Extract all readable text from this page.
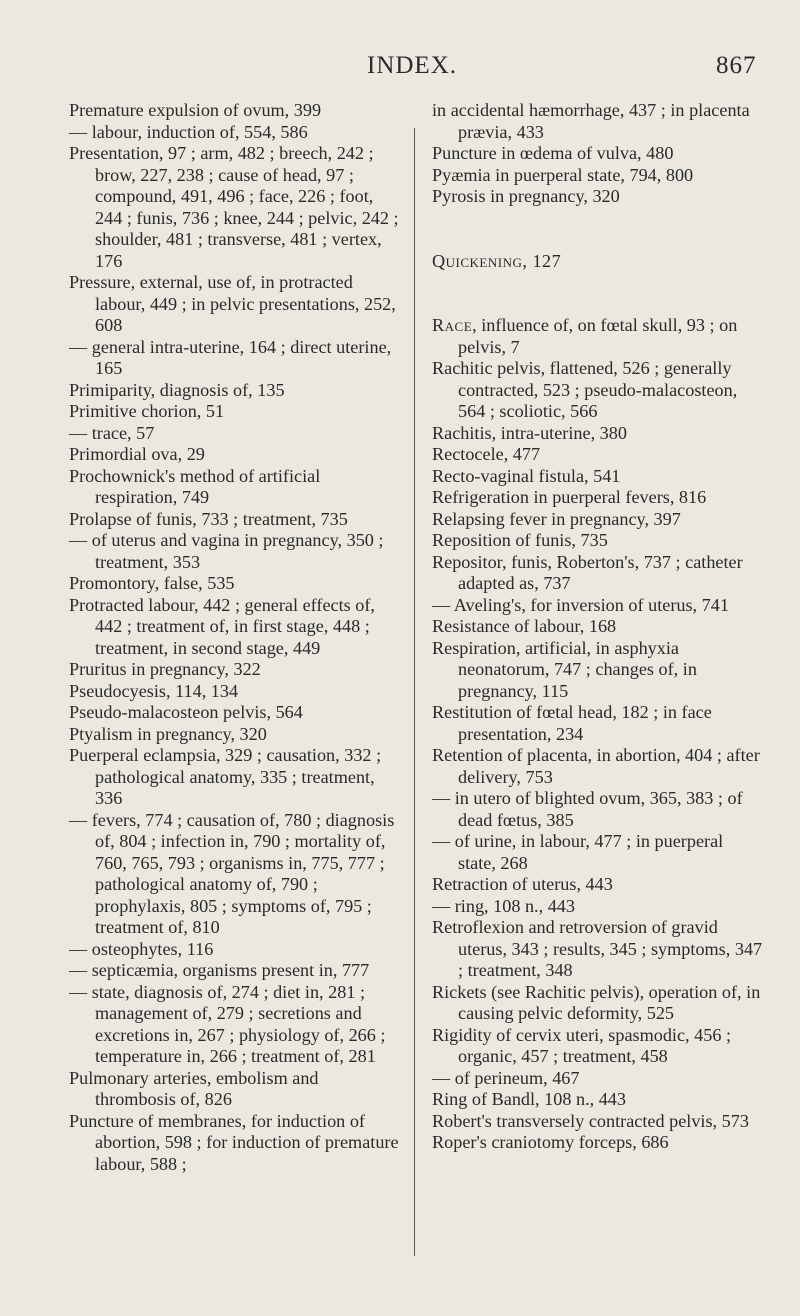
INDEX.	867

Premature expulsion of ovum, 399

— labour, induction of, 554, 586

Presentation, 97 ; arm, 482 ; breech, 242 ; brow, 227, 238 ; cause of head, 97 ; compound, 491, 496 ; face, 226 ; foot, 244 ; funis, 736 ; knee, 244 ; pelvic, 242 ; shoulder, 481 ; transverse, 481 ; vertex, 176

Pressure, external, use of, in protracted labour, 449 ; in pelvic presentations, 252, 608

— general intra-uterine, 164 ; direct uterine, 165

Primiparity, diagnosis of, 135

Primitive chorion, 51

— trace, 57

Primordial ova, 29

Prochownick's method of artificial respiration, 749

Prolapse of funis, 733 ; treatment, 735

— of uterus and vagina in pregnancy, 350 ; treatment, 353

Promontory, false, 535

Protracted labour, 442 ; general effects of, 442 ; treatment of, in first stage, 448 ; treatment, in second stage, 449

Pruritus in pregnancy, 322

Pseudocyesis, 114, 134

Pseudo-malacosteon pelvis, 564

Ptyalism in pregnancy, 320

Puerperal eclampsia, 329 ; causation, 332 ; pathological anatomy, 335 ; treatment, 336

— fevers, 774 ; causation of, 780 ; diagnosis of, 804 ; infection in, 790 ; mortality of, 760, 765, 793 ; organisms in, 775, 777 ; pathological anatomy of, 790 ; prophylaxis, 805 ; symptoms of, 795 ; treatment of, 810

— osteophytes, 116

— septicæmia, organisms present in, 777

— state, diagnosis of, 274 ; diet in, 281 ; management of, 279 ; secretions and excretions in, 267 ; physiology of, 266 ; temperature in, 266 ; treatment of, 281

Pulmonary arteries, embolism and thrombosis of, 826

Puncture of membranes, for induction of abortion, 598 ; for induction of premature labour, 588 ;

in accidental hæmorrhage, 437 ; in placenta prævia, 433

Puncture in œdema of vulva, 480

Pyæmia in puerperal state, 794, 800

Pyrosis in pregnancy, 320

Quickening, 127

Race, influence of, on fœtal skull, 93 ; on pelvis, 7

Rachitic pelvis, flattened, 526 ; generally contracted, 523 ; pseudo-malacosteon, 564 ; scoliotic, 566

Rachitis, intra-uterine, 380

Rectocele, 477

Recto-vaginal fistula, 541

Refrigeration in puerperal fevers, 816

Relapsing fever in pregnancy, 397

Reposition of funis, 735

Repositor, funis, Roberton's, 737 ; catheter adapted as, 737

— Aveling's, for inversion of uterus, 741

Resistance of labour, 168

Respiration, artificial, in asphyxia neonatorum, 747 ; changes of, in pregnancy, 115

Restitution of fœtal head, 182 ; in face presentation, 234

Retention of placenta, in abortion, 404 ; after delivery, 753

— in utero of blighted ovum, 365, 383 ; of dead fœtus, 385

— of urine, in labour, 477 ; in puerperal state, 268

Retraction of uterus, 443

— ring, 108 n., 443

Retroflexion and retroversion of gravid uterus, 343 ; results, 345 ; symptoms, 347 ; treatment, 348

Rickets (see Rachitic pelvis), operation of, in causing pelvic deformity, 525

Rigidity of cervix uteri, spasmodic, 456 ; organic, 457 ; treatment, 458

— of perineum, 467

Ring of Bandl, 108 n., 443

Robert's transversely contracted pelvis, 573

Roper's craniotomy forceps, 686
